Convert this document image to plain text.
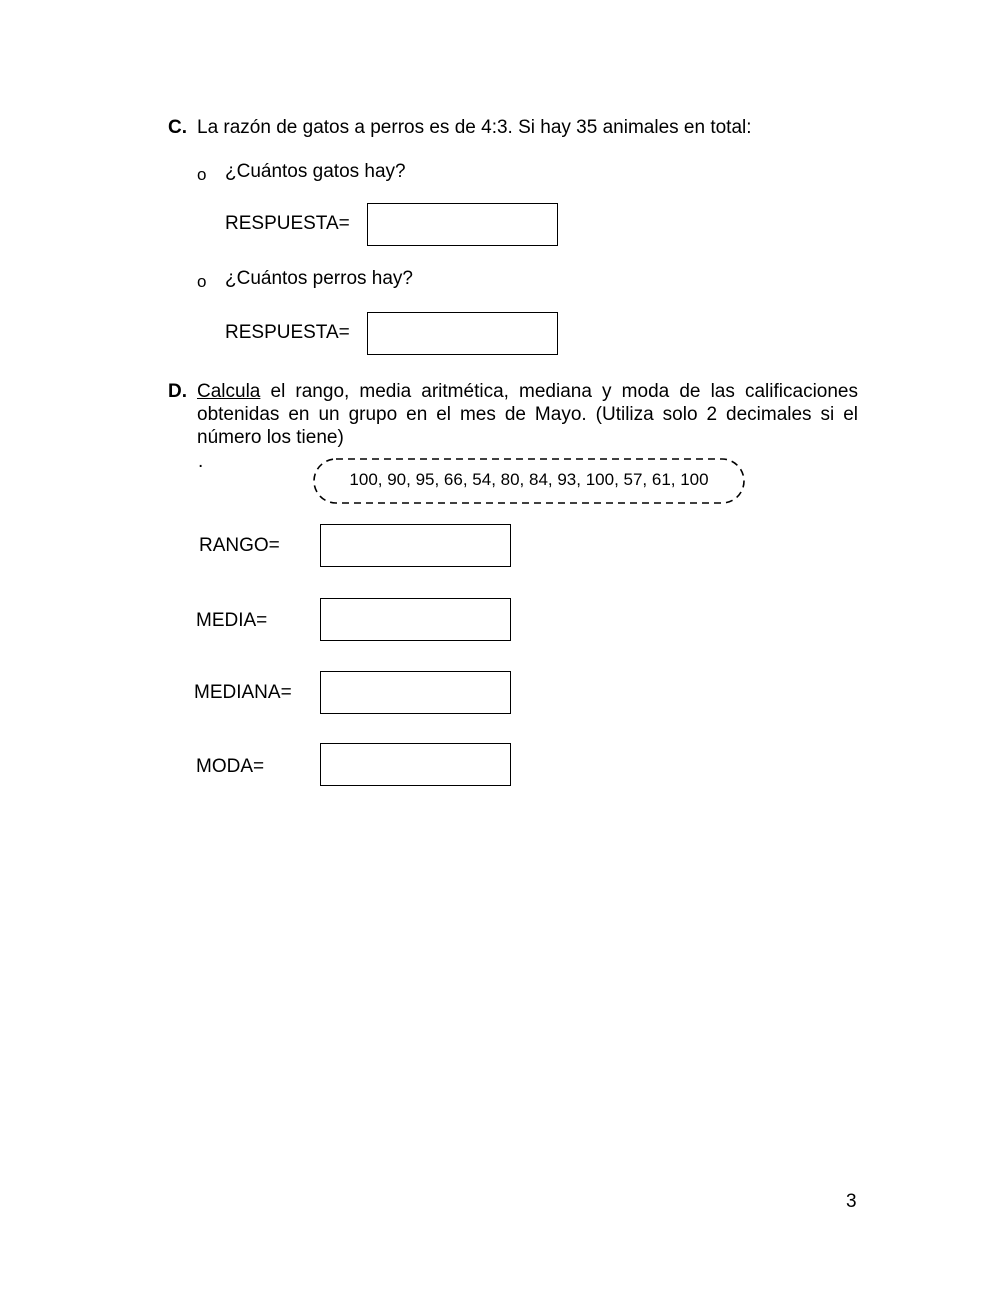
C. La razón de gatos a perros es de 4:3. Si hay 35 animales en total:
o ¿Cuántos gatos hay?
RESPUESTA=
o ¿Cuántos perros hay?
RESPUESTA=
D. Calcula el rango, media aritmética, mediana y moda de las calificaciones obtenidas en un grupo en el mes de Mayo. (Utiliza solo 2 decimales si el número los tiene)
.
100, 90, 95, 66, 54, 80, 84, 93, 100, 57, 61, 100
RANGO=
MEDIA=
MEDIANA=
MODA=
3
